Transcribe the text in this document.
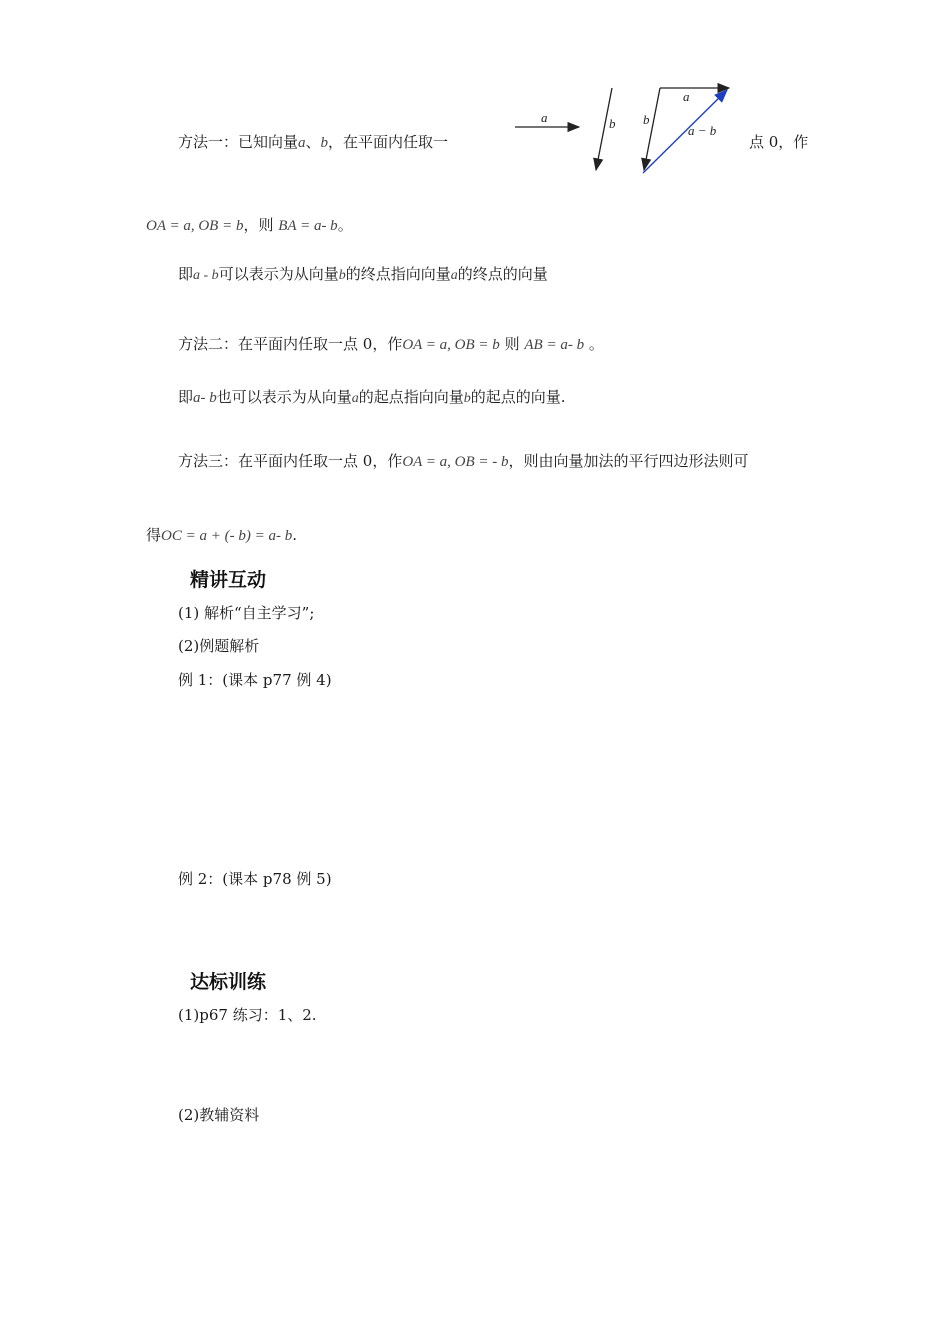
方法一：已知向量a、b，在平面内任取一
a	b
a
b
a − b
点 0，作
OA = a, OB = b，则 BA = a- b。
即a - b可以表示为从向量b的终点指向向量a的终点的向量
方法二：在平面内任取一点 0，作OA = a, OB = b 则 AB = a- b 。
即a- b也可以表示为从向量a的起点指向向量b的起点的向量.
方法三：在平面内任取一点 0，作OA = a, OB = - b，则由向量加法的平行四边形法则可
得OC = a + (- b) = a- b.
精讲互动
(1) 解析“自主学习”;
(2)例题解析
例 1：(课本 p77 例 4)
例 2：(课本 p78 例 5)
达标训练
(1)p67 练习：1、2.
(2)教辅资料
